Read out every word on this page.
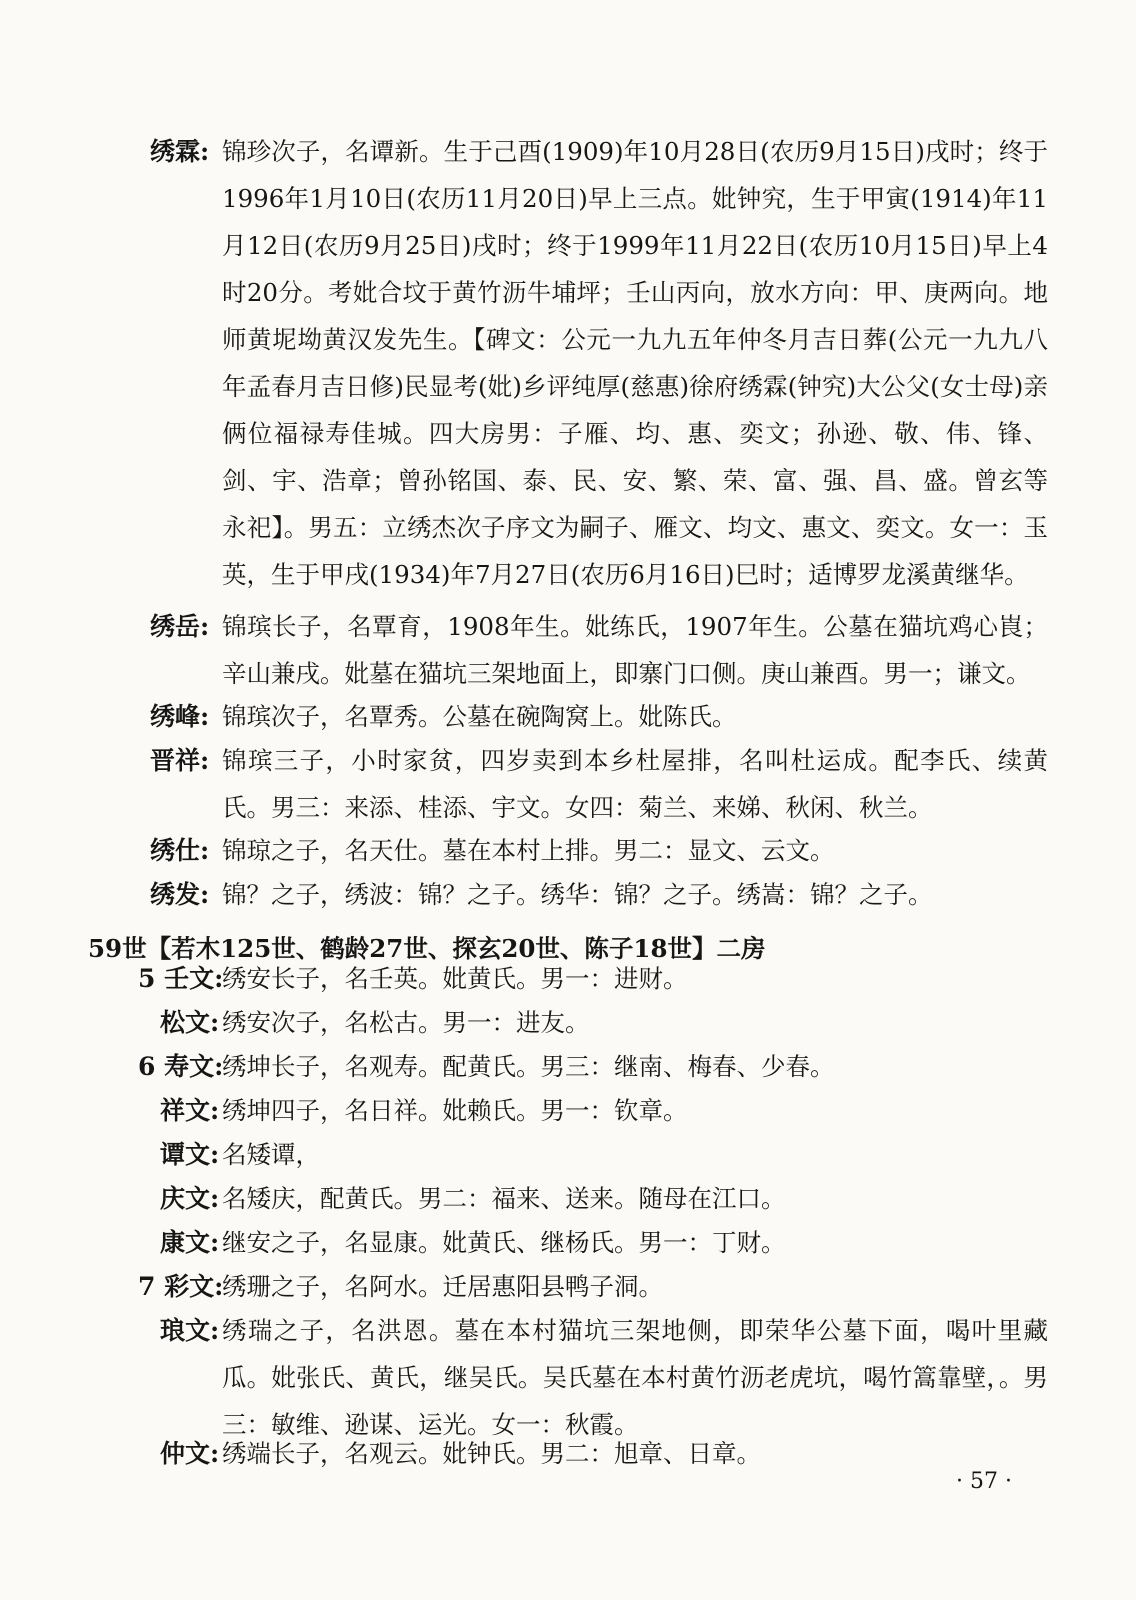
绣霖: 锦珍次子，名谭新。生于己酉(1909)年10月28日(农历9月15日)戌时；终于1996年1月10日(农历11月20日)早上三点。妣钟究，生于甲寅(1914)年11月12日(农历9月25日)戌时；终于1999年11月22日(农历10月15日)早上4时20分。考妣合坟于黄竹沥牛埔坪；壬山丙向，放水方向：甲、庚两向。地师黄坭坳黄汉发先生。【碑文：公元一九九五年仲冬月吉日葬(公元一九九八年孟春月吉日修)民显考(妣)乡评纯厚(慈惠)徐府绣霖(钟究)大公父(女士母)亲俩位福禄寿佳城。四大房男：子雁、均、惠、奕文；孙逊、敬、伟、锋、剑、宇、浩章；曾孙铭国、泰、民、安、繁、荣、富、强、昌、盛。曾玄等永祀】。男五：立绣杰次子序文为嗣子、雁文、均文、惠文、奕文。女一：玉英，生于甲戌(1934)年7月27日(农历6月16日)巳时；适博罗龙溪黄继华。
绣岳: 锦瑸长子，名覃育，1908年生。妣练氏，1907年生。公墓在猫坑鸡心崀；辛山兼戌。妣墓在猫坑三架地面上，即寨门口侧。庚山兼酉。男一；谦文。
绣峰: 锦瑸次子，名覃秀。公墓在碗陶窝上。妣陈氏。
晋祥: 锦瑸三子，小时家贫，四岁卖到本乡杜屋排，名叫杜运成。配李氏、续黄氏。男三：来添、桂添、宇文。女四：菊兰、来娣、秋闲、秋兰。
绣仕: 锦琼之子，名天仕。墓在本村上排。男二：显文、云文。
绣发: 锦？之子，绣波：锦？之子。绣华：锦？之子。绣嵩：锦？之子。
59世【若木125世、鹤龄27世、探玄20世、陈子18世】二房
5 壬文:
绣安长子，名壬英。妣黄氏。男一：进财。
松文: 绣安次子，名松古。男一：进友。
6 寿文:
绣坤长子，名观寿。配黄氏。男三：继南、梅春、少春。
祥文: 绣坤四子，名日祥。妣赖氏。男一：钦章。
谭文: 名矮谭，
庆文: 名矮庆，配黄氏。男二：福来、送来。随母在江口。
康文: 继安之子，名显康。妣黄氏、继杨氏。男一：丁财。
7 彩文:
绣珊之子，名阿水。迁居惠阳县鸭子洞。
琅文: 绣瑞之子，名洪恩。墓在本村猫坑三架地侧，即荣华公墓下面，喝叶里藏瓜。妣张氏、黄氏，继吴氏。吴氏墓在本村黄竹沥老虎坑，喝竹篙靠壁，。男三：敏维、逊谋、运光。女一：秋霞。
仲文: 绣端长子，名观云。妣钟氏。男二：旭章、日章。
· 57 ·
